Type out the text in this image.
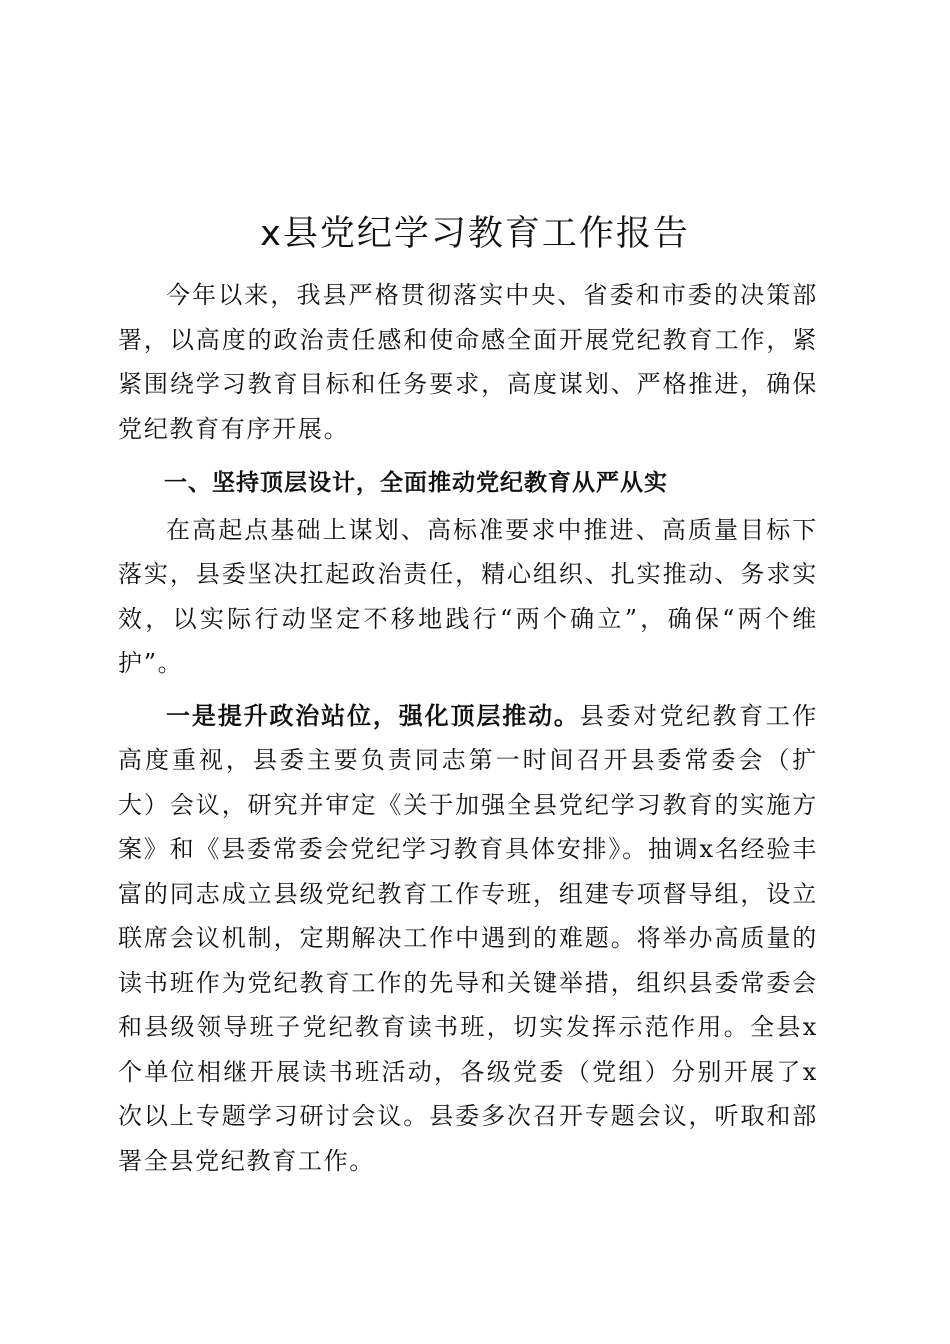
x县党纪学习教育工作报告

今年以来，我县严格贯彻落实中央、省委和市委的决策部署，以高度的政治责任感和使命感全面开展党纪教育工作，紧紧围绕学习教育目标和任务要求，高度谋划、严格推进，确保党纪教育有序开展。

一、坚持顶层设计，全面推动党纪教育从严从实

在高起点基础上谋划、高标准要求中推进、高质量目标下落实，县委坚决扛起政治责任，精心组织、扎实推动、务求实效，以实际行动坚定不移地践行“两个确立”，确保“两个维护”。

一是提升政治站位，强化顶层推动。县委对党纪教育工作高度重视，县委主要负责同志第一时间召开县委常委会（扩大）会议，研究并审定《关于加强全县党纪学习教育的实施方案》和《县委常委会党纪学习教育具体安排》。抽调x名经验丰富的同志成立县级党纪教育工作专班，组建专项督导组，设立联席会议机制，定期解决工作中遇到的难题。将举办高质量的读书班作为党纪教育工作的先导和关键举措，组织县委常委会和县级领导班子党纪教育读书班，切实发挥示范作用。全县x个单位相继开展读书班活动，各级党委（党组）分别开展了x次以上专题学习研讨会议。县委多次召开专题会议，听取和部署全县党纪教育工作。
